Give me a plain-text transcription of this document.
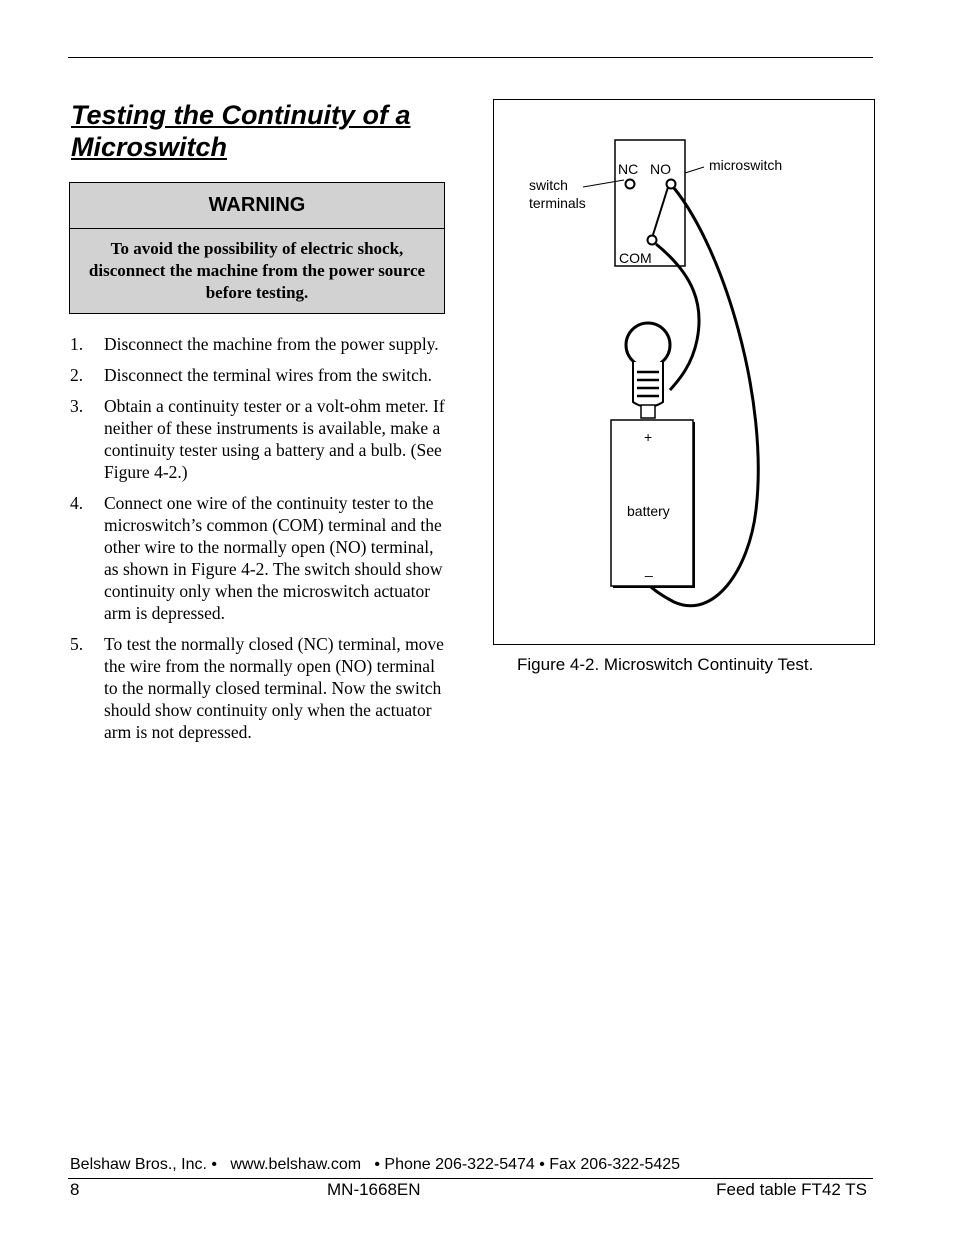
Testing the Continuity of a Microswitch
WARNING
To avoid the possibility of electric shock, disconnect the machine from the power source before testing.
1. Disconnect the machine from the power supply.
2. Disconnect the terminal wires from the switch.
3. Obtain a continuity tester or a volt-ohm meter. If neither of these instruments is available, make a continuity tester using a battery and a bulb. (See Figure 4-2.)
4. Connect one wire of the continuity tester to the microswitch’s common (COM) terminal and the other wire to the normally open (NO) terminal, as shown in Figure 4-2. The switch should show continuity only when the microswitch actuator arm is depressed.
5. To test the normally closed (NC) terminal, move the wire from the normally open (NO) terminal to the normally closed terminal. Now the switch should show continuity only when the actuator arm is not depressed.
NC NO	microswitch
switch
terminals
COM
+
battery
_
Figure 4-2. Microswitch Continuity Test.
Belshaw Bros., Inc. •   www.belshaw.com   • Phone 206-322-5474 • Fax 206-322-5425
8	MN-1668EN	Feed table FT42 TS
